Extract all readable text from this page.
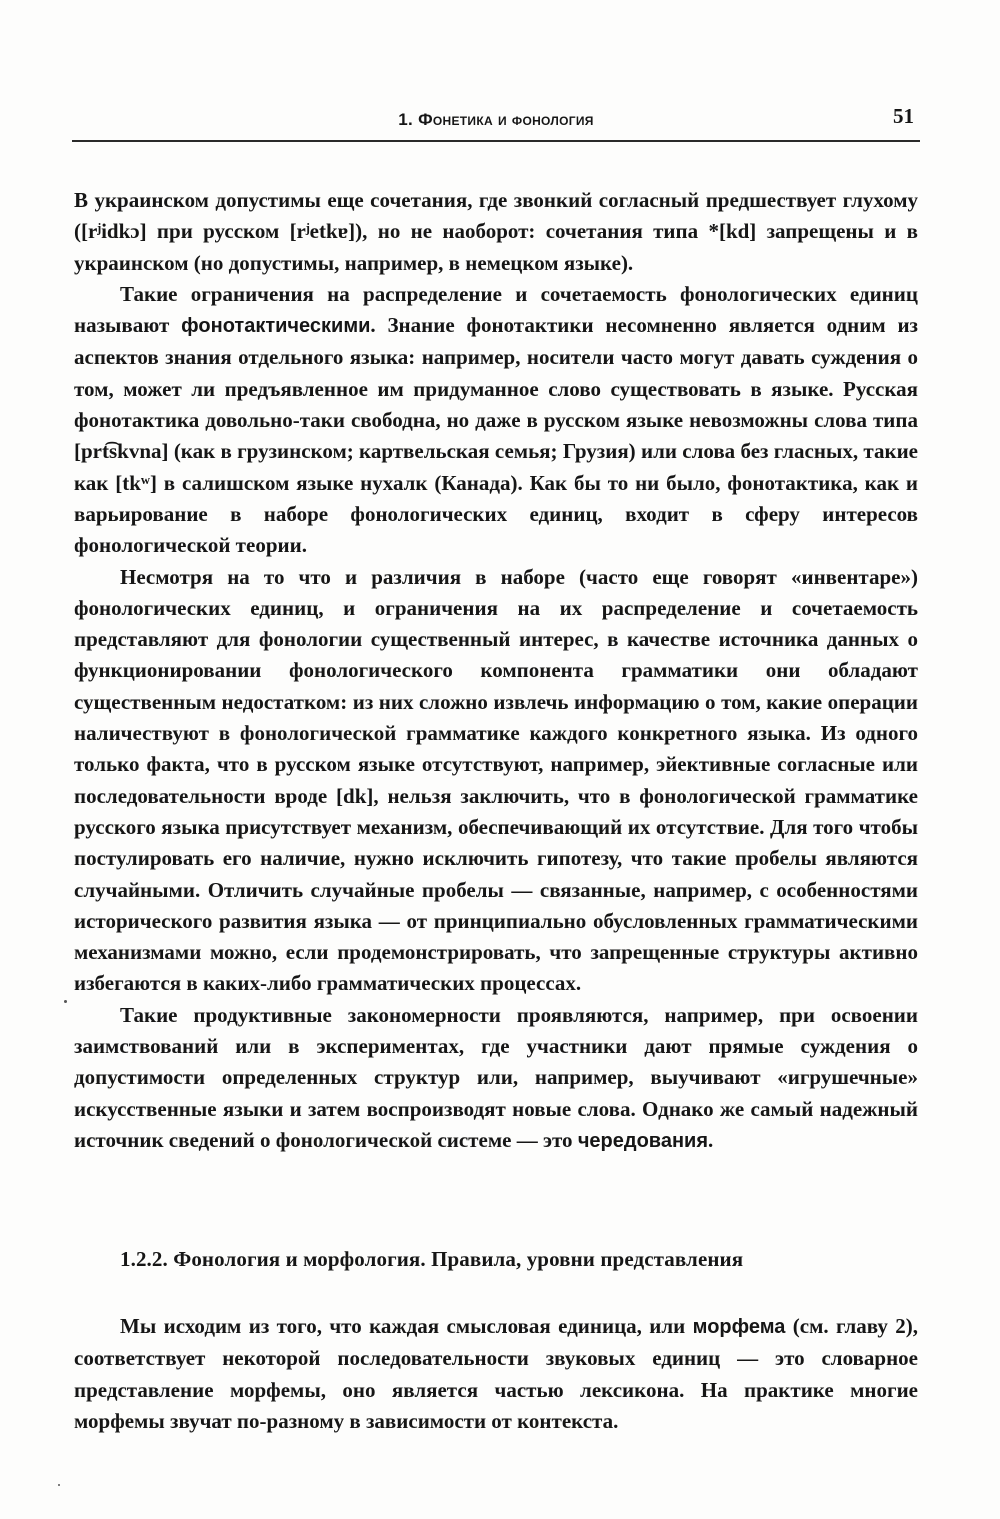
1. Фонетика и фонология	51

В украинском допустимы еще сочетания, где звонкий согласный предшествует глухому ([rʲidkɔ] при русском [rʲetkɐ]), но не наоборот: сочетания типа *[kd] запрещены и в украинском (но допустимы, например, в немецком языке).

Такие ограничения на распределение и сочетаемость фонологических единиц называют фонотактическими. Знание фонотактики несомненно является одним из аспектов знания отдельного языка: например, носители часто могут давать суждения о том, может ли предъявленное им придуманное слово существовать в языке. Русская фонотактика довольно-таки свободна, но даже в русском языке невозможны слова типа [prt͡skvna] (как в грузинском; картвельская семья; Грузия) или слова без гласных, такие как [tkʷ] в салишском языке нухалк (Канада). Как бы то ни было, фонотактика, как и варьирование в наборе фонологических единиц, входит в сферу интересов фонологической теории.

Несмотря на то что и различия в наборе (часто еще говорят «инвентаре») фонологических единиц, и ограничения на их распределение и сочетаемость представляют для фонологии существенный интерес, в качестве источника данных о функционировании фонологического компонента грамматики они обладают существенным недостатком: из них сложно извлечь информацию о том, какие операции наличествуют в фонологической грамматике каждого конкретного языка. Из одного только факта, что в русском языке отсутствуют, например, эйективные согласные или последовательности вроде [dk], нельзя заключить, что в фонологической грамматике русского языка присутствует механизм, обеспечивающий их отсутствие. Для того чтобы постулировать его наличие, нужно исключить гипотезу, что такие пробелы являются случайными. Отличить случайные пробелы — связанные, например, с особенностями исторического развития языка — от принципиально обусловленных грамматическими механизмами можно, если продемонстрировать, что запрещенные структуры активно избегаются в каких-либо грамматических процессах.

Такие продуктивные закономерности проявляются, например, при освоении заимствований или в экспериментах, где участники дают прямые суждения о допустимости определенных структур или, например, выучивают «игрушечные» искусственные языки и затем воспроизводят новые слова. Однако же самый надежный источник сведений о фонологической системе — это чередования.

1.2.2. Фонология и морфология. Правила, уровни представления

Мы исходим из того, что каждая смысловая единица, или морфема (см. главу 2), соответствует некоторой последовательности звуковых единиц — это словарное представление морфемы, оно является частью лексикона. На практике многие морфемы звучат по-разному в зависимости от контекста.
